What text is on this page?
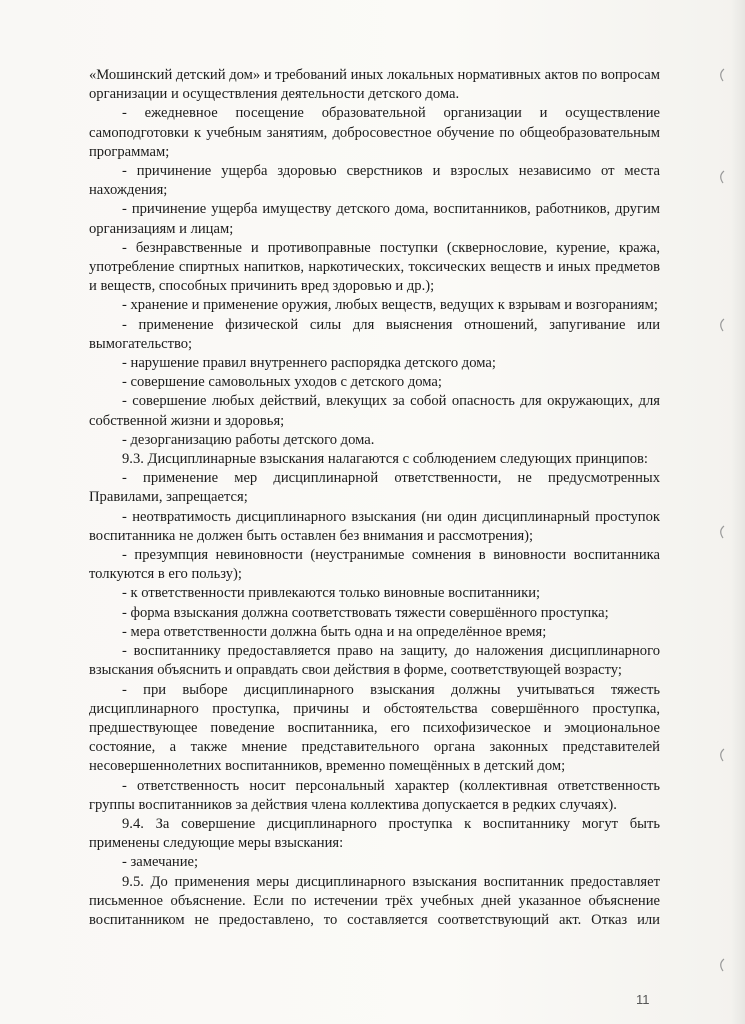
«Мошинский детский дом» и требований иных локальных нормативных актов по вопросам организации и осуществления деятельности детского дома.

- ежедневное посещение образовательной организации и осуществление самоподготовки к учебным занятиям, добросовестное обучение по общеобразовательным программам;

- причинение ущерба здоровью сверстников и взрослых независимо от места нахождения;

- причинение ущерба имуществу детского дома, воспитанников, работников, другим организациям и лицам;

- безнравственные и противоправные поступки (сквернословие, курение, кража, употребление спиртных напитков, наркотических, токсических веществ и иных предметов и веществ, способных причинить вред здоровью и др.);

- хранение и применение оружия, любых веществ, ведущих к взрывам и возгораниям;

- применение физической силы для выяснения отношений, запугивание или вымогательство;

- нарушение правил внутреннего распорядка детского дома;

- совершение самовольных уходов с детского дома;

- совершение любых действий, влекущих за собой опасность для окружающих, для собственной жизни и здоровья;

- дезорганизацию работы детского дома.

9.3. Дисциплинарные взыскания налагаются с соблюдением следующих принципов:

- применение мер дисциплинарной ответственности, не предусмотренных Правилами, запрещается;

- неотвратимость дисциплинарного взыскания (ни один дисциплинарный проступок воспитанника не должен быть оставлен без внимания и рассмотрения);

- презумпция невиновности (неустранимые сомнения в виновности воспитанника толкуются в его пользу);

- к ответственности привлекаются только виновные воспитанники;

- форма взыскания должна соответствовать тяжести совершённого проступка;

- мера ответственности должна быть одна и на определённое время;

- воспитаннику предоставляется право на защиту, до наложения дисциплинарного взыскания объяснить и оправдать свои действия в форме, соответствующей возрасту;

- при выборе дисциплинарного взыскания должны учитываться тяжесть дисциплинарного проступка, причины и обстоятельства совершённого проступка, предшествующее поведение воспитанника, его психофизическое и эмоциональное состояние, а также мнение представительного органа законных представителей несовершеннолетних воспитанников, временно помещённых в детский дом;

- ответственность носит персональный характер (коллективная ответственность группы воспитанников за действия члена коллектива допускается в редких случаях).

9.4. За совершение дисциплинарного проступка к воспитаннику могут быть применены следующие меры взыскания:

- замечание;

9.5. До применения меры дисциплинарного взыскания воспитанник предоставляет письменное объяснение. Если по истечении трёх учебных дней указанное объяснение воспитанником не предоставлено, то составляется соответствующий акт. Отказ или

11
